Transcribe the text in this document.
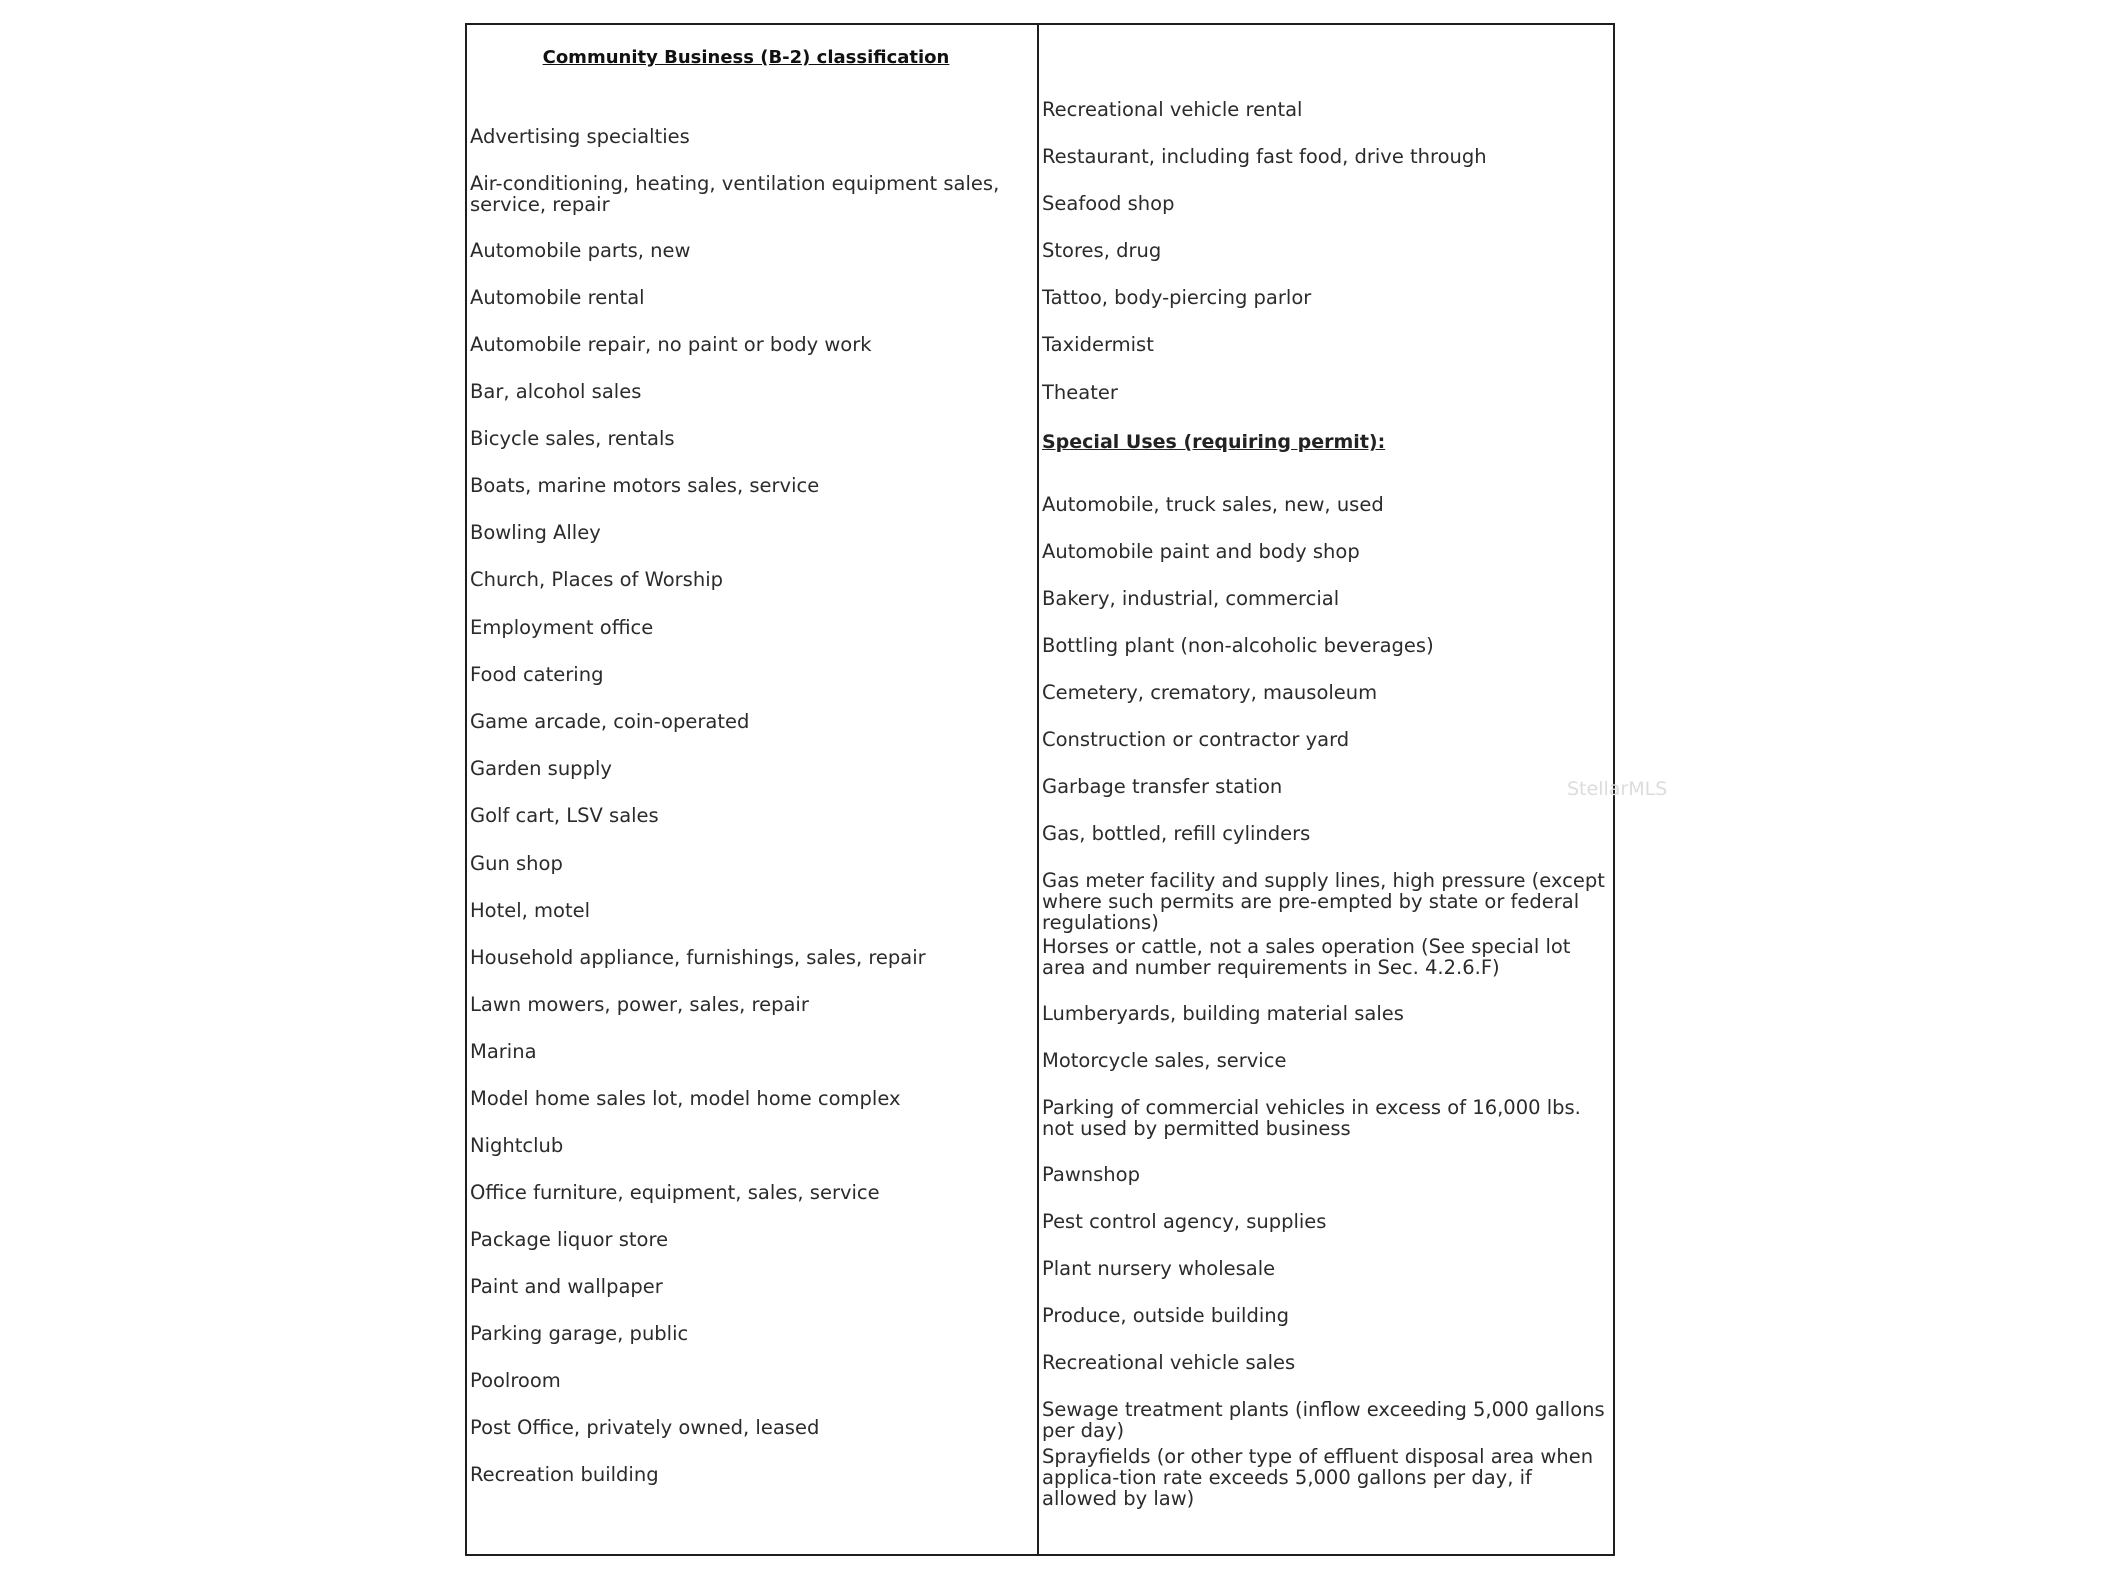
Community Business (B-2) classification
Advertising specialties
Air-conditioning, heating, ventilation equipment sales, service, repair
Automobile parts, new
Automobile rental
Automobile repair, no paint or body work
Bar, alcohol sales
Bicycle sales, rentals
Boats, marine motors sales, service
Bowling Alley
Church, Places of Worship
Employment office
Food catering
Game arcade, coin-operated
Garden supply
Golf cart, LSV sales
Gun shop
Hotel, motel
Household appliance, furnishings, sales, repair
Lawn mowers, power, sales, repair
Marina
Model home sales lot, model home complex
Nightclub
Office furniture, equipment, sales, service
Package liquor store
Paint and wallpaper
Parking garage, public
Poolroom
Post Office, privately owned, leased
Recreation building
Recreational vehicle rental
Restaurant, including fast food, drive through
Seafood shop
Stores, drug
Tattoo, body-piercing parlor
Taxidermist
Theater
Special Uses (requiring permit):
Automobile, truck sales, new, used
Automobile paint and body shop
Bakery, industrial, commercial
Bottling plant (non-alcoholic beverages)
Cemetery, crematory, mausoleum
Construction or contractor yard
Garbage transfer station
Gas, bottled, refill cylinders
Gas meter facility and supply lines, high pressure (except where such permits are pre-empted by state or federal regulations)
Horses or cattle, not a sales operation (See special lot area and number requirements in Sec. 4.2.6.F)
Lumberyards, building material sales
Motorcycle sales, service
Parking of commercial vehicles in excess of 16,000 lbs. not used by permitted business
Pawnshop
Pest control agency, supplies
Plant nursery wholesale
Produce, outside building
Recreational vehicle sales
Sewage treatment plants (inflow exceeding 5,000 gallons per day)
Sprayfields (or other type of effluent disposal area when applica-tion rate exceeds 5,000 gallons per day, if allowed by law)
StellarMLS
